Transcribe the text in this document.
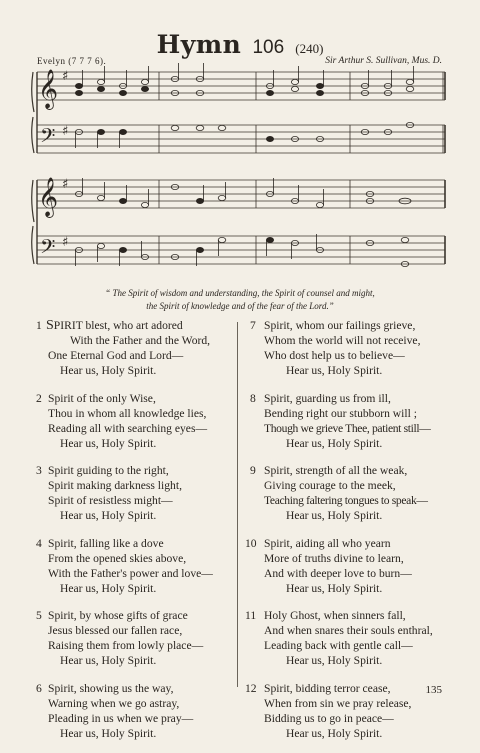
Hymn 106 (240)
Evelyn (7 7 7 6).	Sir Arthur S. Sullivan, Mus. D.
𝄞
𝄢
𝄞
𝄢
♯
♯
♯
♯
“ The Spirit of wisdom and understanding, the Spirit of counsel and might,
the Spirit of knowledge and of the fear of the Lord.”
1 SPIRIT blest, who art adored
With the Father and the Word,
One Eternal God and Lord—
Hear us, Holy Spirit.
2 Spirit of the only Wise,
Thou in whom all knowledge lies,
Reading all with searching eyes—
Hear us, Holy Spirit.
3 Spirit guiding to the right,
Spirit making darkness light,
Spirit of resistless might—
Hear us, Holy Spirit.
4 Spirit, falling like a dove
From the opened skies above,
With the Father's power and love—
Hear us, Holy Spirit.
5 Spirit, by whose gifts of grace
Jesus blessed our fallen race,
Raising them from lowly place—
Hear us, Holy Spirit.
6 Spirit, showing us the way,
Warning when we go astray,
Pleading in us when we pray—
Hear us, Holy Spirit.
7 Spirit, whom our failings grieve,
Whom the world will not receive,
Who dost help us to believe—
Hear us, Holy Spirit.
8 Spirit, guarding us from ill,
Bending right our stubborn will ;
Though we grieve Thee, patient still—
Hear us, Holy Spirit.
9 Spirit, strength of all the weak,
Giving courage to the meek,
Teaching faltering tongues to speak—
Hear us, Holy Spirit.
10 Spirit, aiding all who yearn
More of truths divine to learn,
And with deeper love to burn—
Hear us, Holy Spirit.
11 Holy Ghost, when sinners fall,
And when snares their souls enthral,
Leading back with gentle call—
Hear us, Holy Spirit.
12 Spirit, bidding terror cease,
When from sin we pray release,
Bidding us to go in peace—
Hear us, Holy Spirit.
135
